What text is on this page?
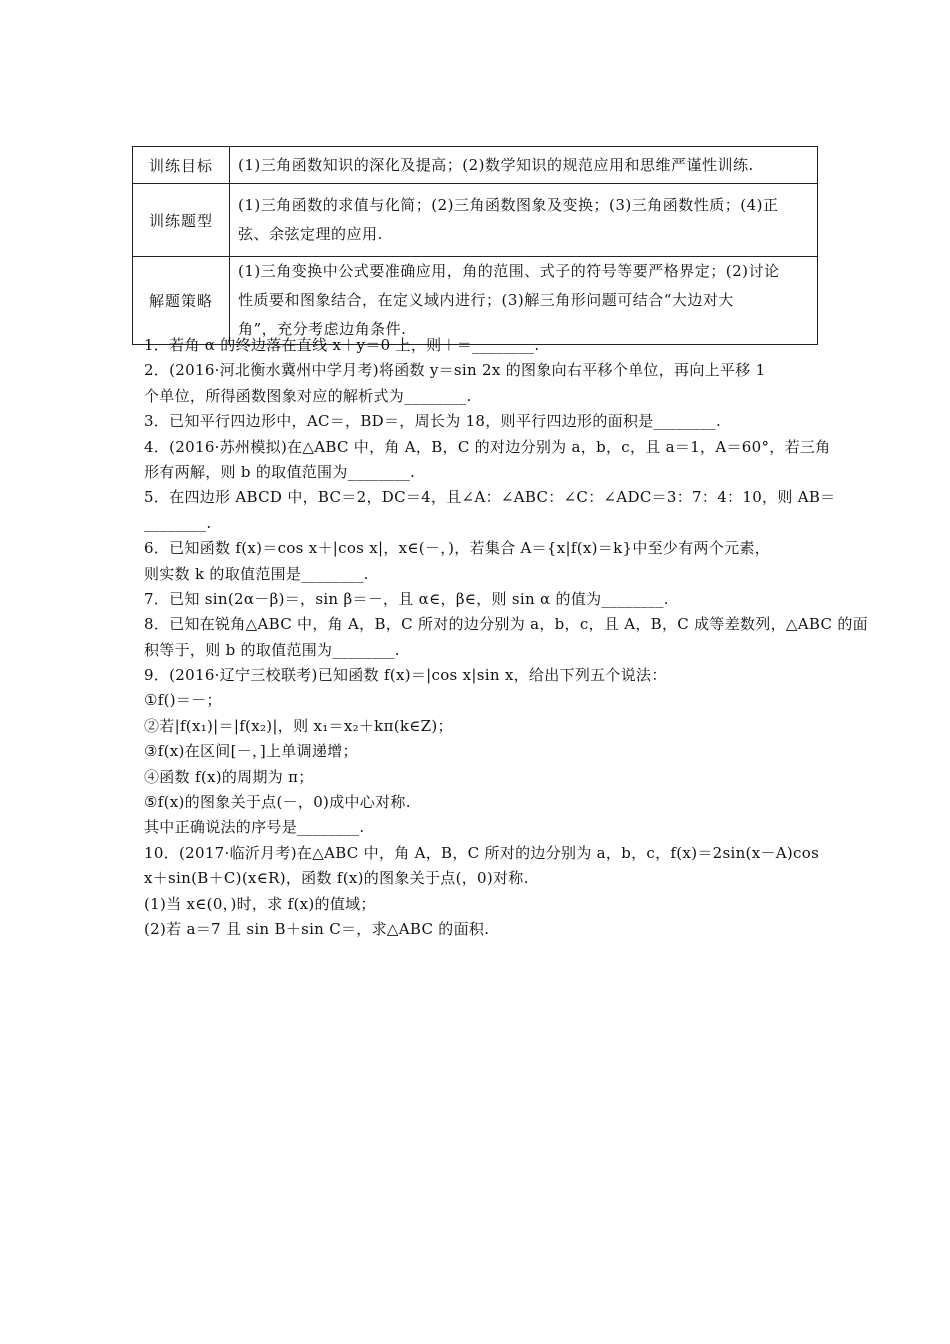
训练目标	(1)三角函数知识的深化及提高；(2)数学知识的规范应用和思维严谨性训练.

训练题型	(1)三角函数的求值与化简；(2)三角函数图象及变换；(3)三角函数性质；(4)正
弦、余弦定理的应用.

解题策略	(1)三角变换中公式要准确应用，角的范围、式子的符号等要严格界定；(2)讨论
性质要和图象结合，在定义域内进行；(3)解三角形问题可结合“大边对大
角”，充分考虑边角条件.
1．若角 α 的终边落在直线 x＋y＝0 上，则＋＝________.
2．(2016·河北衡水冀州中学月考)将函数 y＝sin 2x 的图象向右平移个单位，再向上平移 1
个单位，所得函数图象对应的解析式为________.
3．已知平行四边形中，AC＝，BD＝，周长为 18，则平行四边形的面积是________.
4．(2016·苏州模拟)在△ABC 中，角 A，B，C 的对边分别为 a，b，c，且 a＝1，A＝60°，若三角
形有两解，则 b 的取值范围为________.
5．在四边形 ABCD 中，BC＝2，DC＝4，且∠A：∠ABC：∠C：∠ADC＝3：7：4：10，则 AB＝
________.
6．已知函数 f(x)＝cos x＋|cos x|，x∈(－，)，若集合 A＝{x|f(x)＝k}中至少有两个元素，
则实数 k 的取值范围是________.
7．已知 sin(2α－β)＝，sin β＝－，且 α∈，β∈，则 sin α 的值为________.
8．已知在锐角△ABC 中，角 A，B，C 所对的边分别为 a，b，c，且 A，B，C 成等差数列，△ABC 的面
积等于，则 b 的取值范围为________.
9．(2016·辽宁三校联考)已知函数 f(x)＝|cos x|sin x，给出下列五个说法：
①f()＝－；
②若|f(x₁)|＝|f(x₂)|，则 x₁＝x₂＋kπ(k∈Z)；
③f(x)在区间[－，]上单调递增；
④函数 f(x)的周期为 π；
⑤f(x)的图象关于点(－，0)成中心对称.
其中正确说法的序号是________.
10．(2017·临沂月考)在△ABC 中，角 A，B，C 所对的边分别为 a，b，c，f(x)＝2sin(x－A)cos
x＋sin(B＋C)(x∈R)，函数 f(x)的图象关于点(，0)对称.
(1)当 x∈(0，)时，求 f(x)的值域；
(2)若 a＝7 且 sin B＋sin C＝，求△ABC 的面积.
